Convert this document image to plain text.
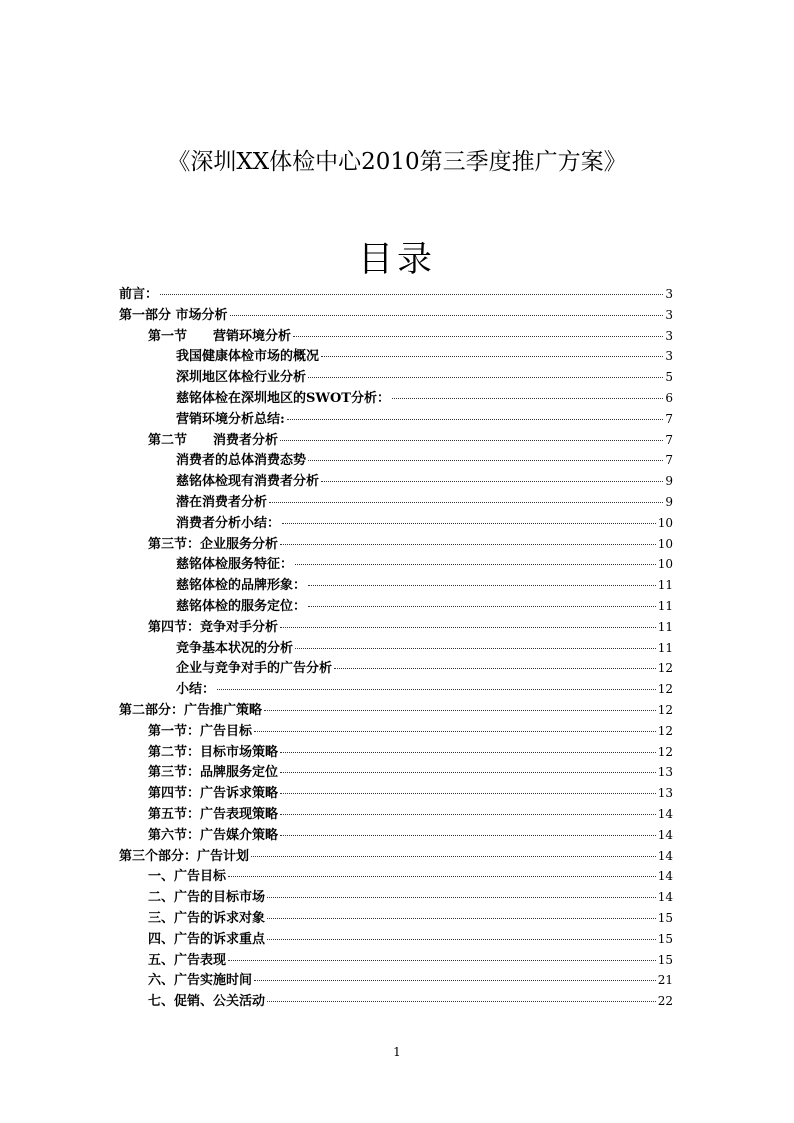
《深圳XX体检中心2010第三季度推广方案》
目录
前言：	3
第一部分 市场分析	3
第一节　　营销环境分析	3
我国健康体检市场的概况	3
深圳地区体检行业分析	5
慈铭体检在深圳地区的SWOT分析：	6
营销环境分析总结:	7
第二节　　消费者分析	7
消费者的总体消费态势	7
慈铭体检现有消费者分析	9
潜在消费者分析	9
消费者分析小结：	10
第三节：企业服务分析	10
慈铭体检服务特征：	10
慈铭体检的品牌形象：	11
慈铭体检的服务定位：	11
第四节：竞争对手分析	11
竞争基本状况的分析	11
企业与竞争对手的广告分析	12
小结：	12
第二部分：广告推广策略	12
第一节：广告目标	12
第二节：目标市场策略	12
第三节：品牌服务定位	13
第四节：广告诉求策略	13
第五节：广告表现策略	14
第六节：广告媒介策略	14
第三个部分：广告计划	14
一、广告目标	14
二、广告的目标市场	14
三、广告的诉求对象	15
四、广告的诉求重点	15
五、广告表现	15
六、广告实施时间	21
七、促销、公关活动	22
1
